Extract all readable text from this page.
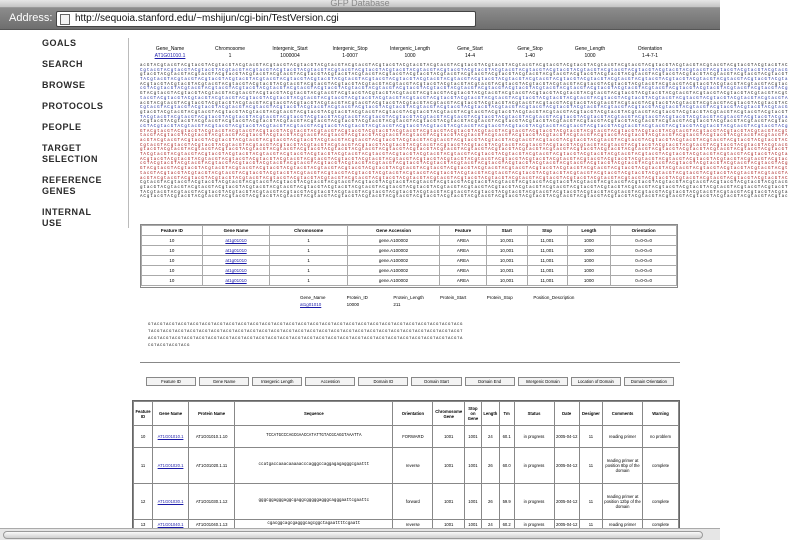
GFP Database
Address: http://sequoia.stanford.edu/~mshijun/cgi-bin/TestVersion.cgi
GOALS
SEARCH
BROWSE
PROTOCOLS
PEOPLE
TARGET SELECTION
REFERENCE GENES
INTERNAL USE
Gene_Name	Chromosome	Intergenic_Start	Intergenic_Stop	Intergenic_Length	Gene_Start	Gene_Stop	Gene_Length	Orientation
AT1G01010.1	1	1000004	1-0007	1000	14-4	1-40	1000	1-4-7-1
acGTACgtacGTACgtacGTACgtacGTACgtacGTACgtacGTACgtacGTACgtacGTACgtacGTACgtacGTACgtacGTACgtacGTACgtacGTACgtacGTACgtacGTACgtacGTACgtacGTACgtacGTACgtacGTACgtacGTACgtacGTACgtacGTACgtacGTACgtacGTAC
CgtacGTACgtacGTACgtacGTACgtacGTACgtacGTACgtacGTACgtacGTACgtacGTACgtacGTACgtacGTACgtacGTACgtacGTACgtacGTACgtacGTACgtacGTACgtacGTACgtacGTACgtacGTACgtacGTACgtacGTACgtacGTACgtacGTACgtacGTACgtacG
gtacGTACgtacGTACgtacGTACgtacGTACgtacGTACgtacGTACgtacGTACgtacGTACgtacGTACgtacGTACgtacGTACgtacGTACgtacGTACgtacGTACgtacGTACgtacGTACgtacGTACgtacGTACgtacGTACgtacGTACgtacGTACgtacGTACgtacGTACgtacGT
TACgtacGTACgtacGTACgtacGTACgtacGTACgtacGTACgtacGTACgtacGTACgtacGTACgtacGTACgtacGTACgtacGTACgtacGTACgtacGTACgtacGTACgtacGTACgtacGTACgtacGTACgtacGTACgtacGTACgtacGTACgtacGTACgtacGTACgtacGTACgta
ACgtacGTACgtacGTACgtacGTACgtacGTACgtacGTACgtacGTACgtacGTACgtacGTACgtacGTACgtacGTACgtacGTACgtacGTACgtacGTACgtacGTACgtacGTACgtacGTACgtacGTACgtacGTACgtacGTACgtacGTACgtacGTACgtacGTACgtacGTACgtac
cGTACgtacGTACgtacGTACgtacGTACgtacGTACgtacGTACgtacGTACgtacGTACgtacGTACgtacGTACgtacGTACgtacGTACgtacGTACgtacGTACgtacGTACgtacGTACgtacGTACgtacGTACgtacGTACgtacGTACgtacGTACgtacGTACgtacGTACgtacGTACg
GTACgtacGTACgtacGTACgtacGTACgtacGTACgtacGTACgtacGTACgtacGTACgtacGTACgtacGTACgtacGTACgtacGTACgtacGTACgtacGTACgtacGTACgtacGTACgtacGTACgtacGTACgtacGTACgtacGTACgtacGTACgtacGTACgtacGTACgtacGTACgt
tacGTACgtacGTACgtacGTACgtacGTACgtacGTACgtacGTACgtacGTACgtacGTACgtacGTACgtacGTACgtacGTACgtacGTACgtacGTACgtacGTACgtacGTACgtacGTACgtacGTACgtacGTACgtacGTACgtacGTACgtacGTACgtacGTACgtacGTACgtacGTA
acGTACgtacGTACgtacGTACgtacGTACgtacGTACgtacGTACgtacGTACgtacGTACgtacGTACgtacGTACgtacGTACgtacGTACgtacGTACgtacGTACgtacGTACgtacGTACgtacGTACgtacGTACgtacGTACgtacGTACgtacGTACgtacGTACgtacGTACgtacGTAC
CgtacGTACgtacGTACgtacGTACgtacGTACgtacGTACgtacGTACgtacGTACgtacGTACgtacGTACgtacGTACgtacGTACgtacGTACgtacGTACgtacGTACgtacGTACgtacGTACgtacGTACgtacGTACgtacGTACgtacGTACgtacGTACgtacGTACgtacGTACgtacG
gtacGTACgtacGTACgtacGTACgtacGTACgtacGTACgtacGTACgtacGTACgtacGTACgtacGTACgtacGTACgtacGTACgtacGTACgtacGTACgtacGTACgtacGTACgtacGTACgtacGTACgtacGTACgtacGTACgtacGTACgtacGTACgtacGTACgtacGTACgtacGT
TACgtacGTACgtacGTACgtacGTACgtacGTACgtacGTACgtacGTACgtacGTACgtacGTACgtacGTACgtacGTACgtacGTACgtacGTACgtacGTACgtacGTACgtacGTACgtacGTACgtacGTACgtacGTACgtacGTACgtacGTACgtacGTACgtacGTACgtacGTACgta
ACgtacGTACgtacGTACgtacGTACgtacGTACgtacGTACgtacGTACgtacGTACgtacGTACgtacGTACgtacGTACgtacGTACgtacGTACgtacGTACgtacGTACgtacGTACgtacGTACgtacGTACgtacGTACgtacGTACgtacGTACgtacGTACgtacGTACgtacGTACgtac
cGTACgtacGTACgtacGTACgtacGTACgtacGTACgtacGTACgtacGTACgtacGTACgtacGTACgtacGTACgtacGTACgtacGTACgtacGTACgtacGTACgtacGTACgtacGTACgtacGTACgtacGTACgtacGTACgtacGTACgtacGTACgtacGTACgtacGTACgtacGTACg
GTACgtacGTACgtacGTACgtacGTACgtacGTACgtacGTACgtacGTACgtacGTACgtacGTACgtacGTACgtacGTACgtacGTACgtacGTACgtacGTACgtacGTACgtacGTACgtacGTACgtacGTACgtacGTACgtacGTACgtacGTACgtacGTACgtacGTACgtacGTACgt
tacGTACgtacGTACgtacGTACgtacGTACgtacGTACgtacGTACgtacGTACgtacGTACgtacGTACgtacGTACgtacGTACgtacGTACgtacGTACgtacGTACgtacGTACgtacGTACgtacGTACgtacGTACgtacGTACgtacGTACgtacGTACgtacGTACgtacGTACgtacGTA
acGTACgtacGTACgtacGTACgtacGTACgtacGTACgtacGTACgtacGTACgtacGTACgtacGTACgtacGTACgtacGTACgtacGTACgtacGTACgtacGTACgtacGTACgtacGTACgtacGTACgtacGTACgtacGTACgtacGTACgtacGTACgtacGTACgtacGTACgtacGTAC
CgtacGTACgtacGTACgtacGTACgtacGTACgtacGTACgtacGTACgtacGTACgtacGTACgtacGTACgtacGTACgtacGTACgtacGTACgtacGTACgtacGTACgtacGTACgtacGTACgtacGTACgtacGTACgtacGTACgtacGTACgtacGTACgtacGTACgtacGTACgtacG
gtacGTACgtacGTACgtacGTACgtacGTACgtacGTACgtacGTACgtacGTACgtacGTACgtacGTACgtacGTACgtacGTACgtacGTACgtacGTACgtacGTACgtacGTACgtacGTACgtacGTACgtacGTACgtacGTACgtacGTACgtacGTACgtacGTACgtacGTACgtacGT
TACgtacGTACgtacGTACgtacGTACgtacGTACgtacGTACgtacGTACgtacGTACgtacGTACgtacGTACgtacGTACgtacGTACgtacGTACgtacGTACgtacGTACgtacGTACgtacGTACgtacGTACgtacGTACgtacGTACgtacGTACgtacGTACgtacGTACgtacGTACgta
ACgtacGTACgtacGTACgtacGTACgtacGTACgtacGTACgtacGTACgtacGTACgtacGTACgtacGTACgtacGTACgtacGTACgtacGTACgtacGTACgtacGTACgtacGTACgtacGTACgtacGTACgtacGTACgtacGTACgtacGTACgtacGTACgtacGTACgtacGTACgtac
cGTACgtacGTACgtacGTACgtacGTACgtacGTACgtacGTACgtacGTACgtacGTACgtacGTACgtacGTACgtacGTACgtacGTACgtacGTACgtacGTACgtacGTACgtacGTACgtacGTACgtacGTACgtacGTACgtacGTACgtacGTACgtacGTACgtacGTACgtacGTACg
GTACgtacGTACgtacGTACgtacGTACgtacGTACgtacGTACgtacGTACgtacGTACgtacGTACgtacGTACgtacGTACgtacGTACgtacGTACgtacGTACgtacGTACgtacGTACgtacGTACgtacGTACgtacGTACgtacGTACgtacGTACgtacGTACgtacGTACgtacGTACgt
tacGTACgtacGTACgtacGTACgtacGTACgtacGTACgtacGTACgtacGTACgtacGTACgtacGTACgtacGTACgtacGTACgtacGTACgtacGTACgtacGTACgtacGTACgtacGTACgtacGTACgtacGTACgtacGTACgtacGTACgtacGTACgtacGTACgtacGTACgtacGTA
acGTACgtacGTACgtacGTACgtacGTACgtacGTACgtacGTACgtacGTACgtacGTACgtacGTACgtacGTACgtacGTACgtacGTACgtacGTACgtacGTACgtacGTACgtacGTACgtacGTACgtacGTACgtacGTACgtacGTACgtacGTACgtacGTACgtacGTACgtacGTAC
CgtacGTACgtacGTACgtacGTACgtacGTACgtacGTACgtacGTACgtacGTACgtacGTACgtacGTACgtacGTACgtacGTACgtacGTACgtacGTACgtacGTACgtacGTACgtacGTACgtacGTACgtacGTACgtacGTACgtacGTACgtacGTACgtacGTACgtacGTACgtacG
gtacGTACgtacGTACgtacGTACgtacGTACgtacGTACgtacGTACgtacGTACgtacGTACgtacGTACgtacGTACgtacGTACgtacGTACgtacGTACgtacGTACgtacGTACgtacGTACgtacGTACgtacGTACgtacGTACgtacGTACgtacGTACgtacGTACgtacGTACgtacGT
TACgtacGTACgtacGTACgtacGTACgtacGTACgtacGTACgtacGTACgtacGTACgtacGTACgtacGTACgtacGTACgtacGTACgtacGTACgtacGTACgtacGTACgtacGTACgtacGTACgtacGTACgtacGTACgtacGTACgtacGTACgtacGTACgtacGTACgtacGTACgta
ACgtacGTACgtacGTACgtacGTACgtacGTACgtacGTACgtacGTACgtacGTACgtacGTACgtacGTACgtacGTACgtacGTACgtacGTACgtacGTACgtacGTACgtacGTACgtacGTACgtacGTACgtacGTACgtacGTACgtacGTACgtacGTACgtacGTACgtacGTACgtac
Feature ID	Gene Name	Chromosome	Gene Accession	Feature	Start	Stop	Length	Orientation
10	at1g01010	1	gene.A100002	AREA	10,001	11,001	1000	0=0-0=0
10	at1g01010	1	gene.A100002	AREA	10,001	11,001	1000	0=0-0=0
10	at1g01010	1	gene.A100002	AREA	10,001	11,001	1000	0=0-0=0
10	at1g01010	1	gene.A100002	AREA	10,001	11,001	1000	0=0-0=0
10	at1g01010	1	gene.A100002	AREA	10,001	11,001	1000	0=0-0=0
Gene_Name	Protein_ID	Protein_Length	Protein_Start	Protein_Stop	Position_Description
at1g01010	10000	211
GTACGTACGTACGTACGTACGTACGTACGTACGTACGTACGTACGTACGTACGTACGTACGTACGTACGTACGTACGTACGTACGTACGTACGTACGTACGTACG
TACGTACGTACGTACGTACGTACGTACGTACGTACGTACGTACGTACGTACGTACGTACGTACGTACGTACGTACGTACGTACGTACGTACGTACGTACGTACGT
ACGTACGTACGTACGTACGTACGTACGTACGTACGTACGTACGTACGTACGTACGTACGTACGTACGTACGTACGTACGTACGTACGTACGTACGTACGTACGTA
CGTACGTACGTACG
Feature ID	Gene Name	Intergenic Length	Accession	Domain ID	Domain Start	Domain End	Intergenic Domain	Location of Domain	Domain Orientation
Feature ID	Gene Name	Protein Name	Sequence	Orientation	Chromosome Gene	Stop on Gene	Length	Tm	Status	Date	Designer	Comments	Warning
10	AT1G01010.1	AT1G01010.1.10	TCCATGCCCAGCGAACCATATTGTACGCAGGTAAATTA	FORWARD	1001	1001	24	60.1	in progress	2005-04-12	11	reading primer	no problem
11	AT1G01020.1	AT1G01020.1.11	ccatgaccaaacaaaaacccagggccaggagagagggcgaattt	reverse	1001	1001	26	60.0	in progress	2005-04-12	11	reading primer at position 8bp of the domain	complete
12	AT1G01030.1	AT1G01030.1.12	gggcggagggaggcgaggcgggggagggcagggaattcgaattc	forward	1001	1001	26	59.9	in progress	2005-04-12	11	reading primer at position 12bp of the domain	complete
13	AT1G01040.1	AT1G01040.1.13	cgacggcagcgagggcagcggctagaattttcgaatt	reverse	1001	1001	24	60.2	in progress	2005-04-12	11	reading primer	complete
